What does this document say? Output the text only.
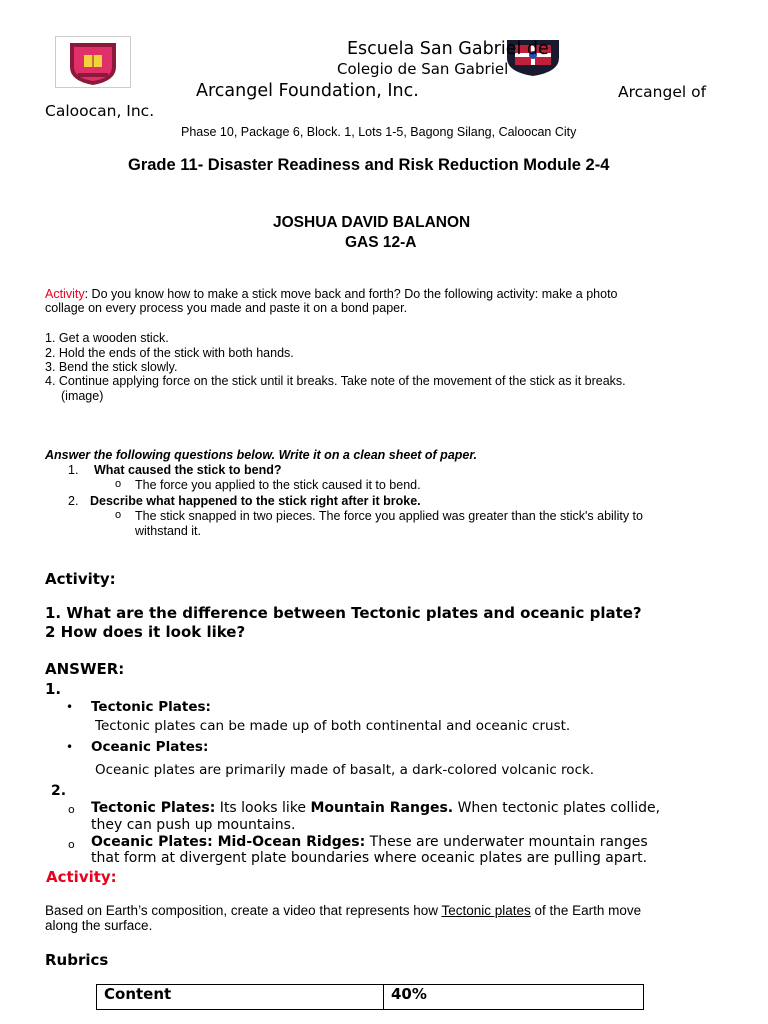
Escuela San Gabriel de
Colegio de San Gabriel
Arcangel Foundation, Inc.	Arcangel of
Caloocan, Inc.
Phase 10, Package 6, Block. 1, Lots 1-5, Bagong Silang, Caloocan City
Grade 11- Disaster Readiness and Risk Reduction Module 2-4
JOSHUA DAVID BALANON
GAS 12-A
Activity: Do you know how to make a stick move back and forth? Do the following activity: make a photo
collage on every process you made and paste it on a bond paper.
1. Get a wooden stick.
2. Hold the ends of the stick with both hands.
3. Bend the stick slowly.
4. Continue applying force on the stick until it breaks. Take note of the movement of the stick as it breaks.
(image)
Answer the following questions below. Write it on a clean sheet of paper.
1. What caused the stick to bend?
o The force you applied to the stick caused it to bend.
2. Describe what happened to the stick right after it broke.
o The stick snapped in two pieces. The force you applied was greater than the stick's ability to
withstand it.
Activity:
1. What are the difference between Tectonic plates and oceanic plate?
2 How does it look like?
ANSWER:
1.
• Tectonic Plates:
Tectonic plates can be made up of both continental and oceanic crust.
• Oceanic Plates:
Oceanic plates are primarily made of basalt, a dark-colored volcanic rock.
2.
o Tectonic Plates: Its looks like Mountain Ranges. When tectonic plates collide,
they can push up mountains.
o Oceanic Plates: Mid-Ocean Ridges: These are underwater mountain ranges
that form at divergent plate boundaries where oceanic plates are pulling apart.
Activity:
Based on Earth’s composition, create a video that represents how Tectonic plates of the Earth move
along the surface.
Rubrics
Content	40%
